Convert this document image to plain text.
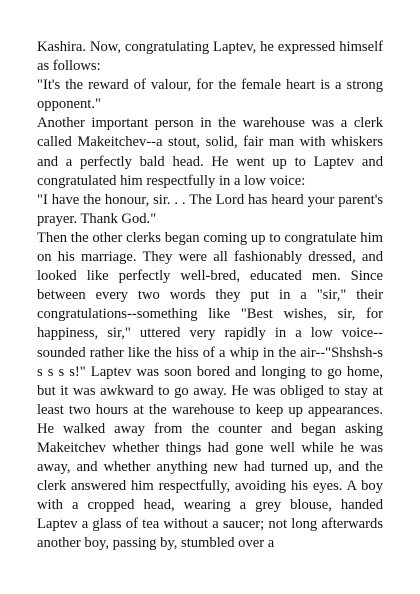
Kashira. Now, congratulating Laptev, he expressed himself as follows:

"It's the reward of valour, for the female heart is a strong opponent."

Another important person in the warehouse was a clerk called Makeitchev--a stout, solid, fair man with whiskers and a perfectly bald head. He went up to Laptev and congratulated him respectfully in a low voice:

"I have the honour, sir. . . The Lord has heard your parent's prayer. Thank God."

Then the other clerks began coming up to congratulate him on his marriage. They were all fashionably dressed, and looked like perfectly well-bred, educated men. Since between every two words they put in a "sir," their congratulations--something like "Best wishes, sir, for happiness, sir," uttered very rapidly in a low voice--sounded rather like the hiss of a whip in the air--"Shshsh-s s s s s!" Laptev was soon bored and longing to go home, but it was awkward to go away. He was obliged to stay at least two hours at the warehouse to keep up appearances. He walked away from the counter and began asking Makeitchev whether things had gone well while he was away, and whether anything new had turned up, and the clerk answered him respectfully, avoiding his eyes. A boy with a cropped head, wearing a grey blouse, handed Laptev a glass of tea without a saucer; not long afterwards another boy, passing by, stumbled over a
